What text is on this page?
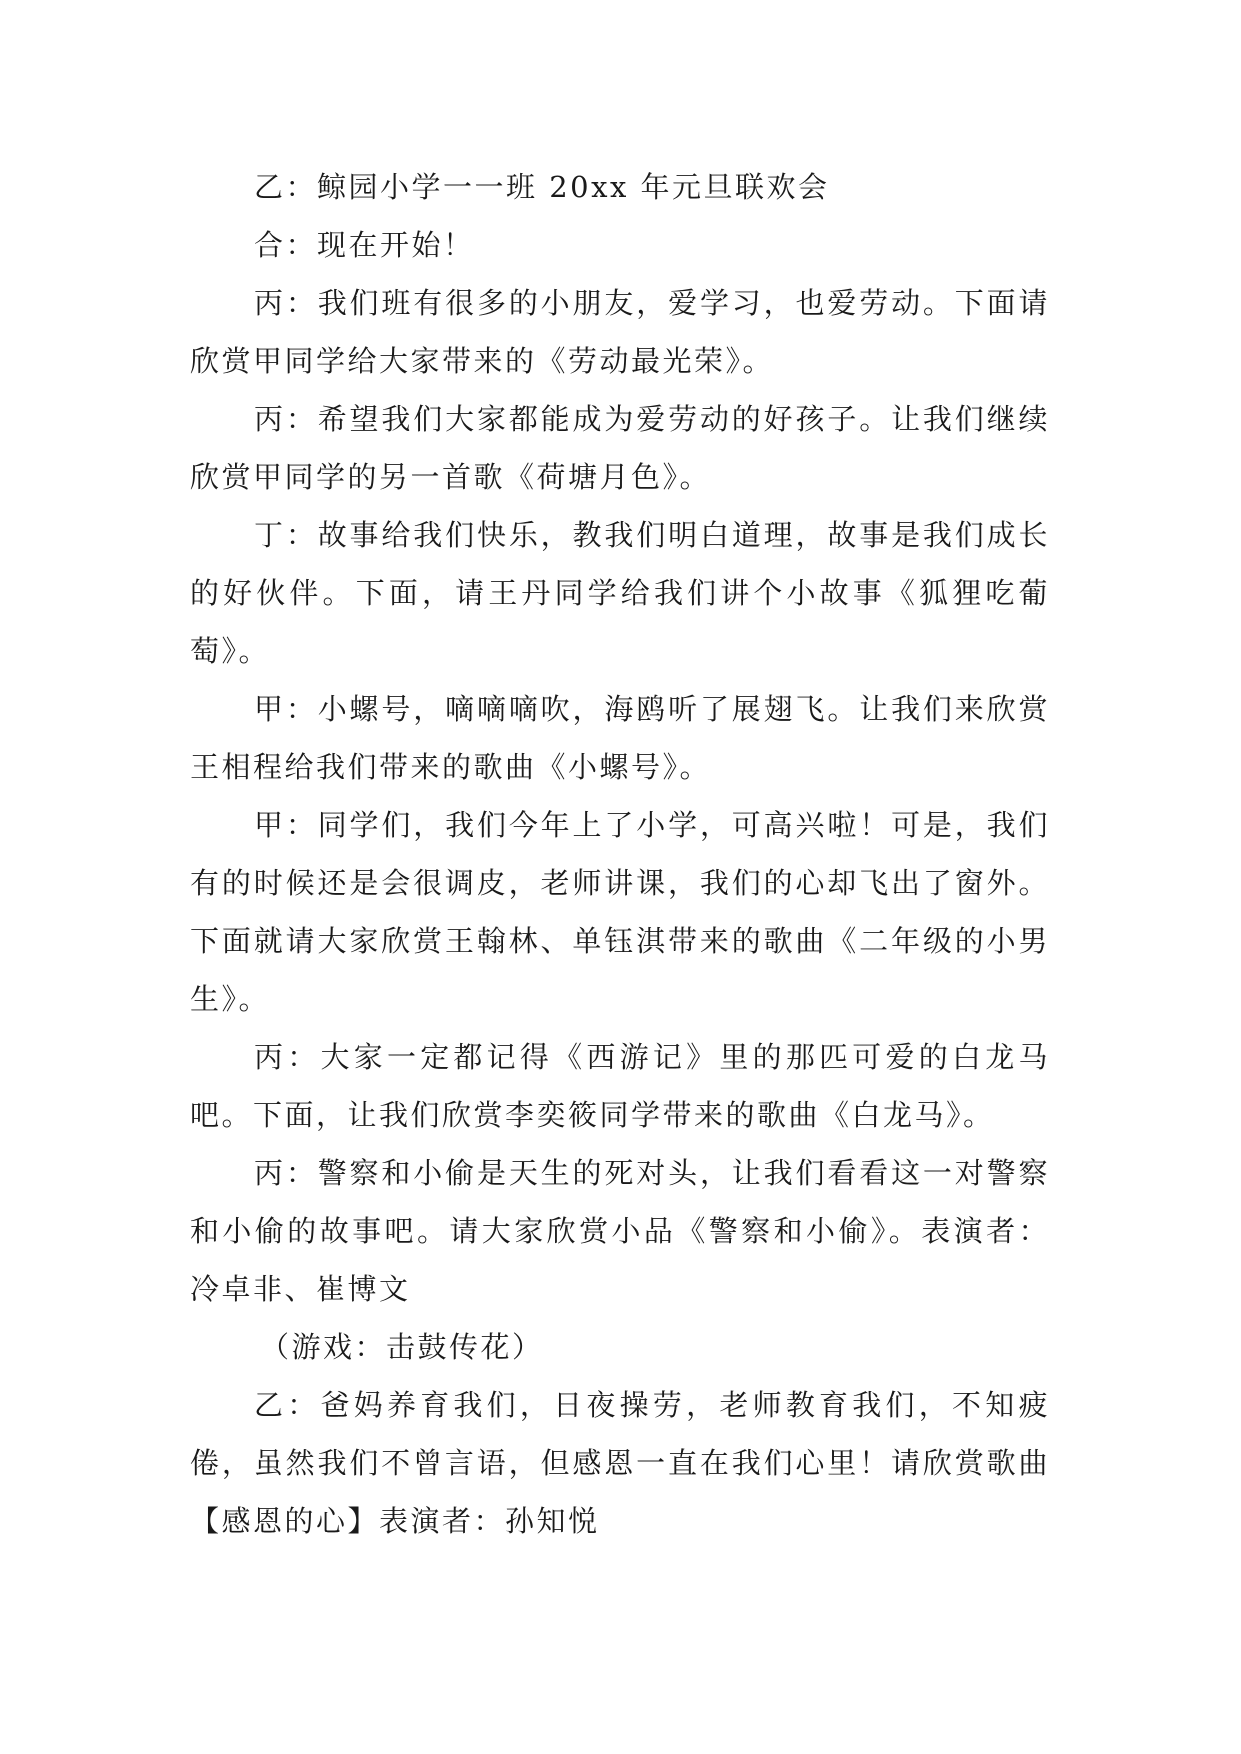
乙：鲸园小学一一班 20xx 年元旦联欢会

合：现在开始！

丙：我们班有很多的小朋友，爱学习，也爱劳动。下面请欣赏甲同学给大家带来的《劳动最光荣》。

丙：希望我们大家都能成为爱劳动的好孩子。让我们继续欣赏甲同学的另一首歌《荷塘月色》。

丁：故事给我们快乐，教我们明白道理，故事是我们成长的好伙伴。下面，请王丹同学给我们讲个小故事《狐狸吃葡萄》。

甲：小螺号，嘀嘀嘀吹，海鸥听了展翅飞。让我们来欣赏王相程给我们带来的歌曲《小螺号》。

甲：同学们，我们今年上了小学，可高兴啦！可是，我们有的时候还是会很调皮，老师讲课，我们的心却飞出了窗外。下面就请大家欣赏王翰林、单钰淇带来的歌曲《二年级的小男生》。

丙：大家一定都记得《西游记》里的那匹可爱的白龙马吧。下面，让我们欣赏李奕筱同学带来的歌曲《白龙马》。

丙：警察和小偷是天生的死对头，让我们看看这一对警察和小偷的故事吧。请大家欣赏小品《警察和小偷》。表演者：冷卓非、崔博文

（游戏：击鼓传花）

乙：爸妈养育我们，日夜操劳，老师教育我们，不知疲倦，虽然我们不曾言语，但感恩一直在我们心里！请欣赏歌曲【感恩的心】表演者：孙知悦
